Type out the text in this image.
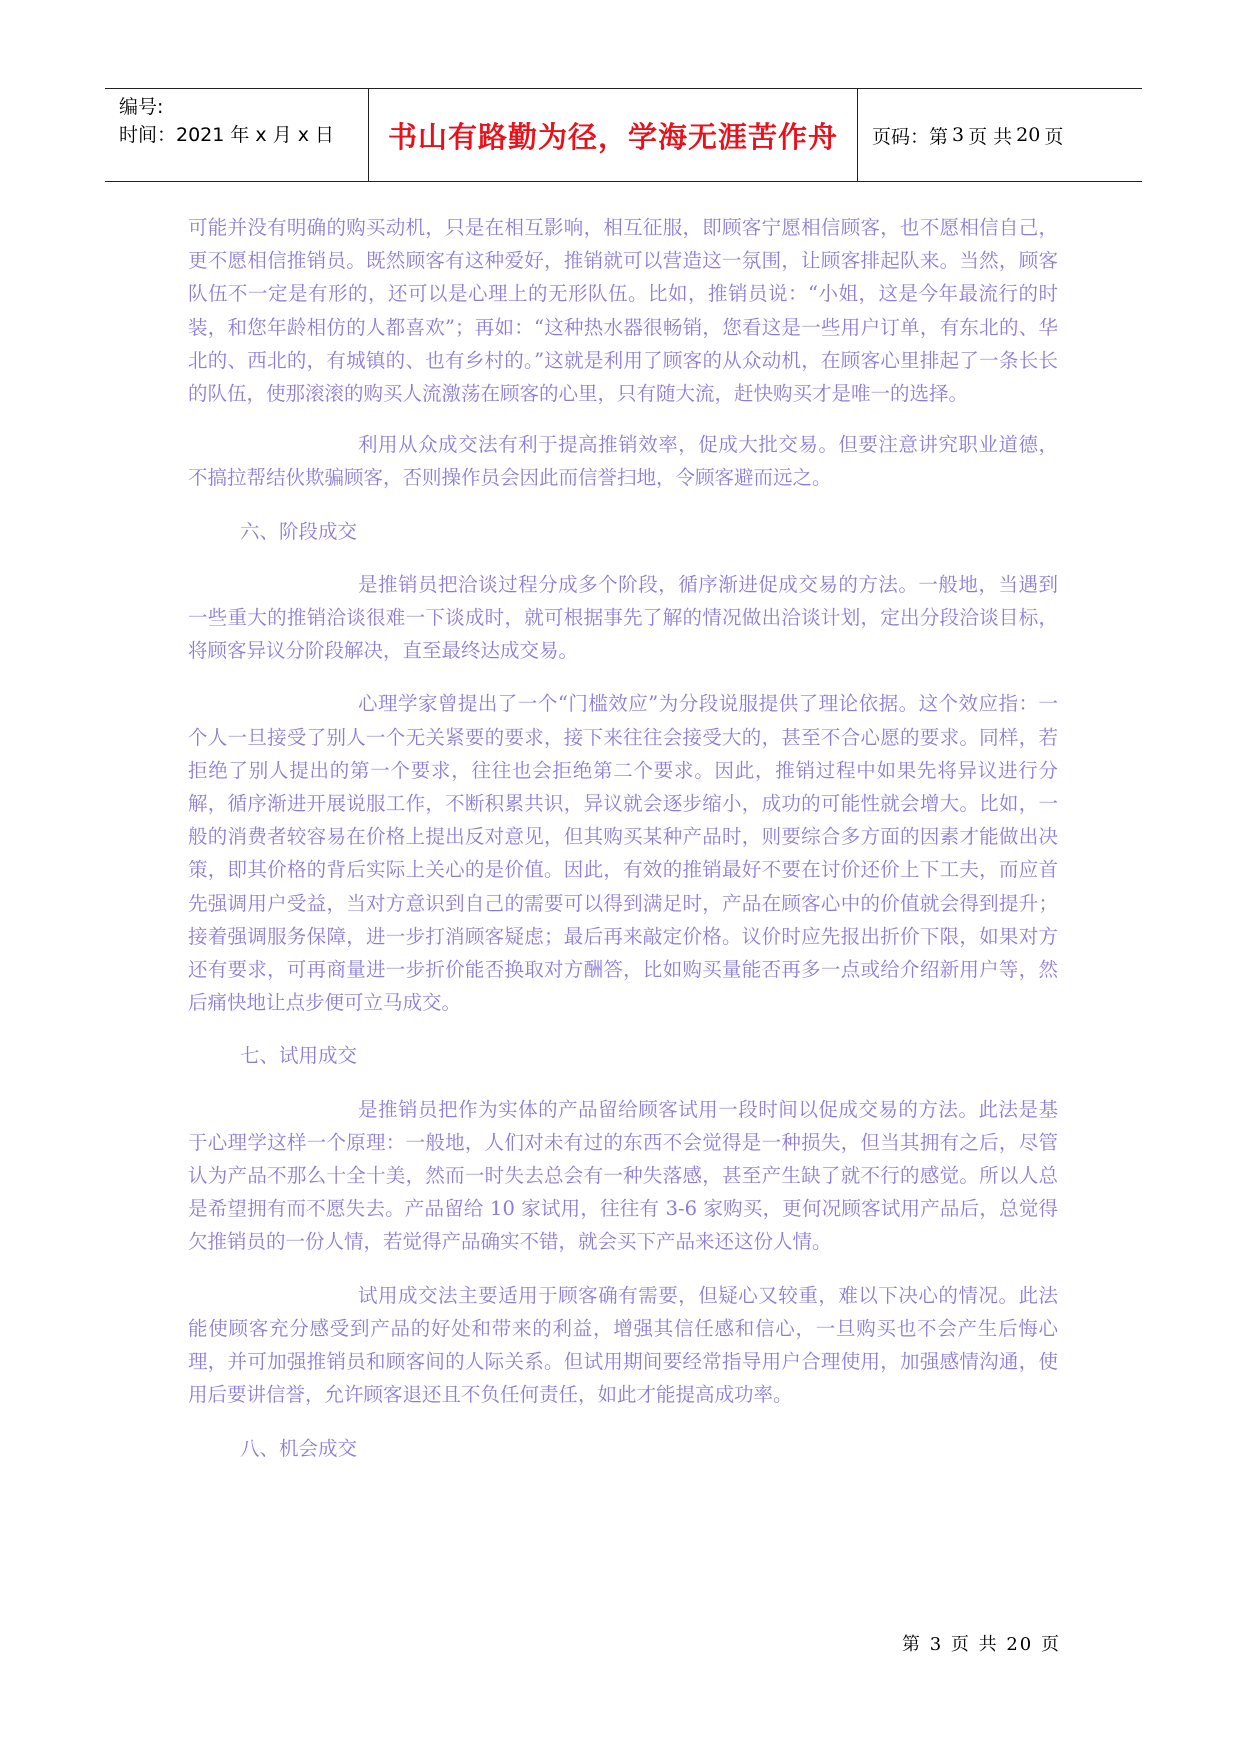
编号:
时间：2021 年 x 月 x 日	书山有路勤为径，学海无涯苦作舟	页码：第 3 页 共 20 页

可能并没有明确的购买动机，只是在相互影响，相互征服，即顾客宁愿相信顾客，也不愿相信自己，更不愿相信推销员。既然顾客有这种爱好，推销就可以营造这一氛围，让顾客排起队来。当然，顾客队伍不一定是有形的，还可以是心理上的无形队伍。比如，推销员说：“小姐，这是今年最流行的时装，和您年龄相仿的人都喜欢”；再如：“这种热水器很畅销，您看这是一些用户订单，有东北的、华北的、西北的，有城镇的、也有乡村的。”这就是利用了顾客的从众动机，在顾客心里排起了一条长长的队伍，使那滚滚的购买人流激荡在顾客的心里，只有随大流，赶快购买才是唯一的选择。

利用从众成交法有利于提高推销效率，促成大批交易。但要注意讲究职业道德，不搞拉帮结伙欺骗顾客，否则操作员会因此而信誉扫地，令顾客避而远之。

六、阶段成交

是推销员把洽谈过程分成多个阶段，循序渐进促成交易的方法。一般地，当遇到一些重大的推销洽谈很难一下谈成时，就可根据事先了解的情况做出洽谈计划，定出分段洽谈目标，将顾客异议分阶段解决，直至最终达成交易。

心理学家曾提出了一个“门槛效应”为分段说服提供了理论依据。这个效应指：一个人一旦接受了别人一个无关紧要的要求，接下来往往会接受大的，甚至不合心愿的要求。同样，若拒绝了别人提出的第一个要求，往往也会拒绝第二个要求。因此，推销过程中如果先将异议进行分解，循序渐进开展说服工作，不断积累共识，异议就会逐步缩小，成功的可能性就会增大。比如，一般的消费者较容易在价格上提出反对意见，但其购买某种产品时，则要综合多方面的因素才能做出决策，即其价格的背后实际上关心的是价值。因此，有效的推销最好不要在讨价还价上下工夫，而应首先强调用户受益，当对方意识到自己的需要可以得到满足时，产品在顾客心中的价值就会得到提升；接着强调服务保障，进一步打消顾客疑虑；最后再来敲定价格。议价时应先报出折价下限，如果对方还有要求，可再商量进一步折价能否换取对方酬答，比如购买量能否再多一点或给介绍新用户等，然后痛快地让点步便可立马成交。

七、试用成交

是推销员把作为实体的产品留给顾客试用一段时间以促成交易的方法。此法是基于心理学这样一个原理：一般地，人们对未有过的东西不会觉得是一种损失，但当其拥有之后，尽管认为产品不那么十全十美，然而一时失去总会有一种失落感，甚至产生缺了就不行的感觉。所以人总是希望拥有而不愿失去。产品留给 10 家试用，往往有 3-6 家购买，更何况顾客试用产品后，总觉得欠推销员的一份人情，若觉得产品确实不错，就会买下产品来还这份人情。

试用成交法主要适用于顾客确有需要，但疑心又较重，难以下决心的情况。此法能使顾客充分感受到产品的好处和带来的利益，增强其信任感和信心，一旦购买也不会产生后悔心理，并可加强推销员和顾客间的人际关系。但试用期间要经常指导用户合理使用，加强感情沟通，使用后要讲信誉，允许顾客退还且不负任何责任，如此才能提高成功率。

八、机会成交

第 3 页 共 20 页
